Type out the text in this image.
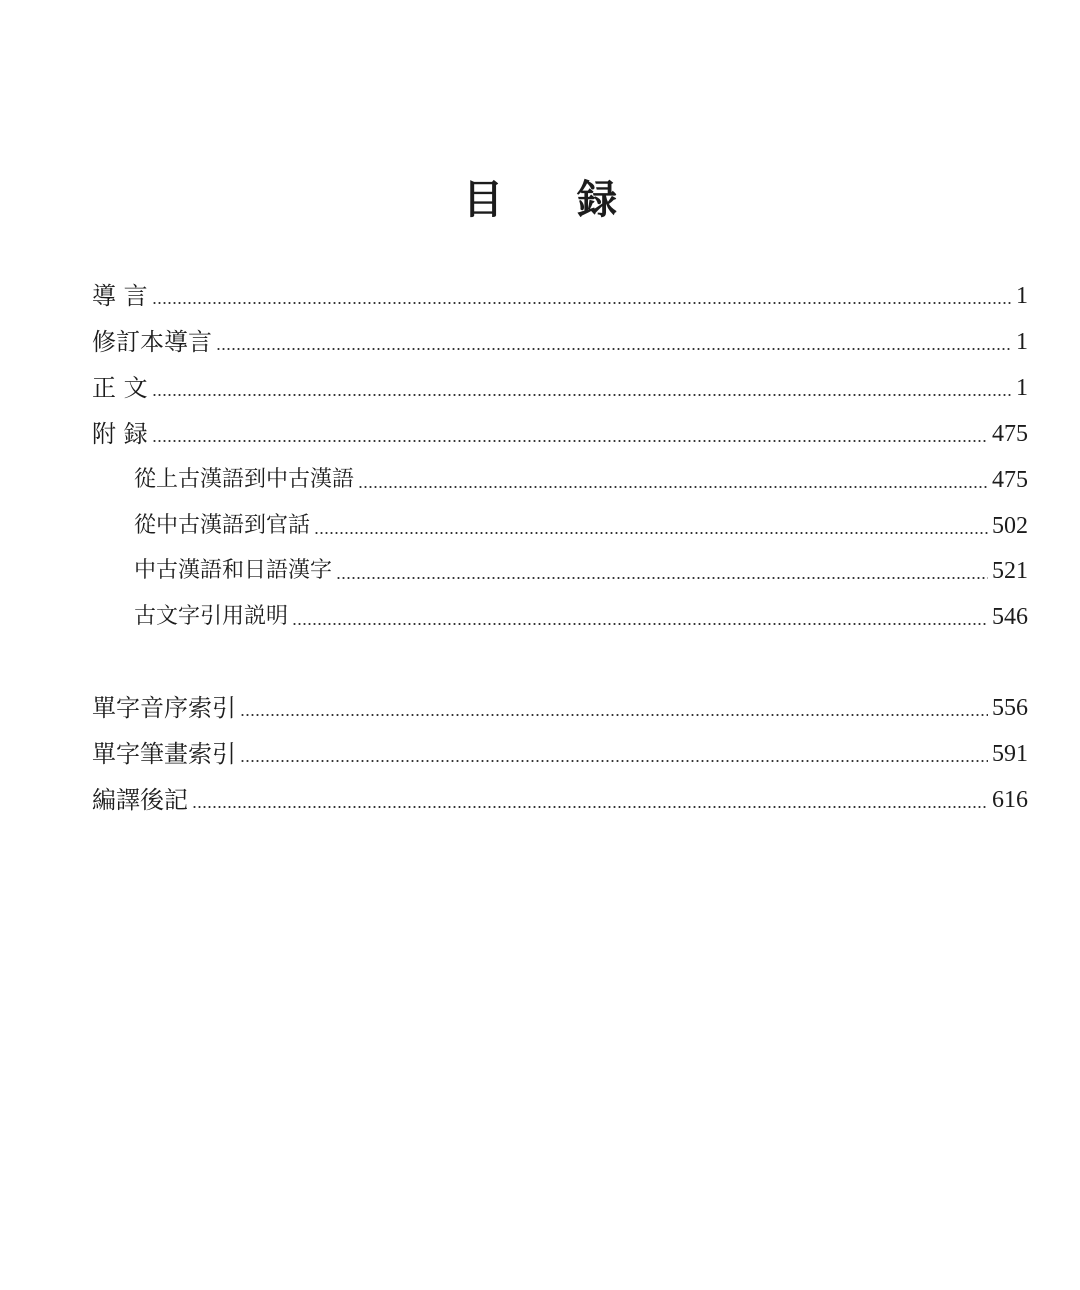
目 録
導 言	1
修訂本導言	1
正 文	1
附 録	475
從上古漢語到中古漢語	475
從中古漢語到官話	502
中古漢語和日語漢字	521
古文字引用説明	546
單字音序索引	556
單字筆畫索引	591
編譯後記	616
